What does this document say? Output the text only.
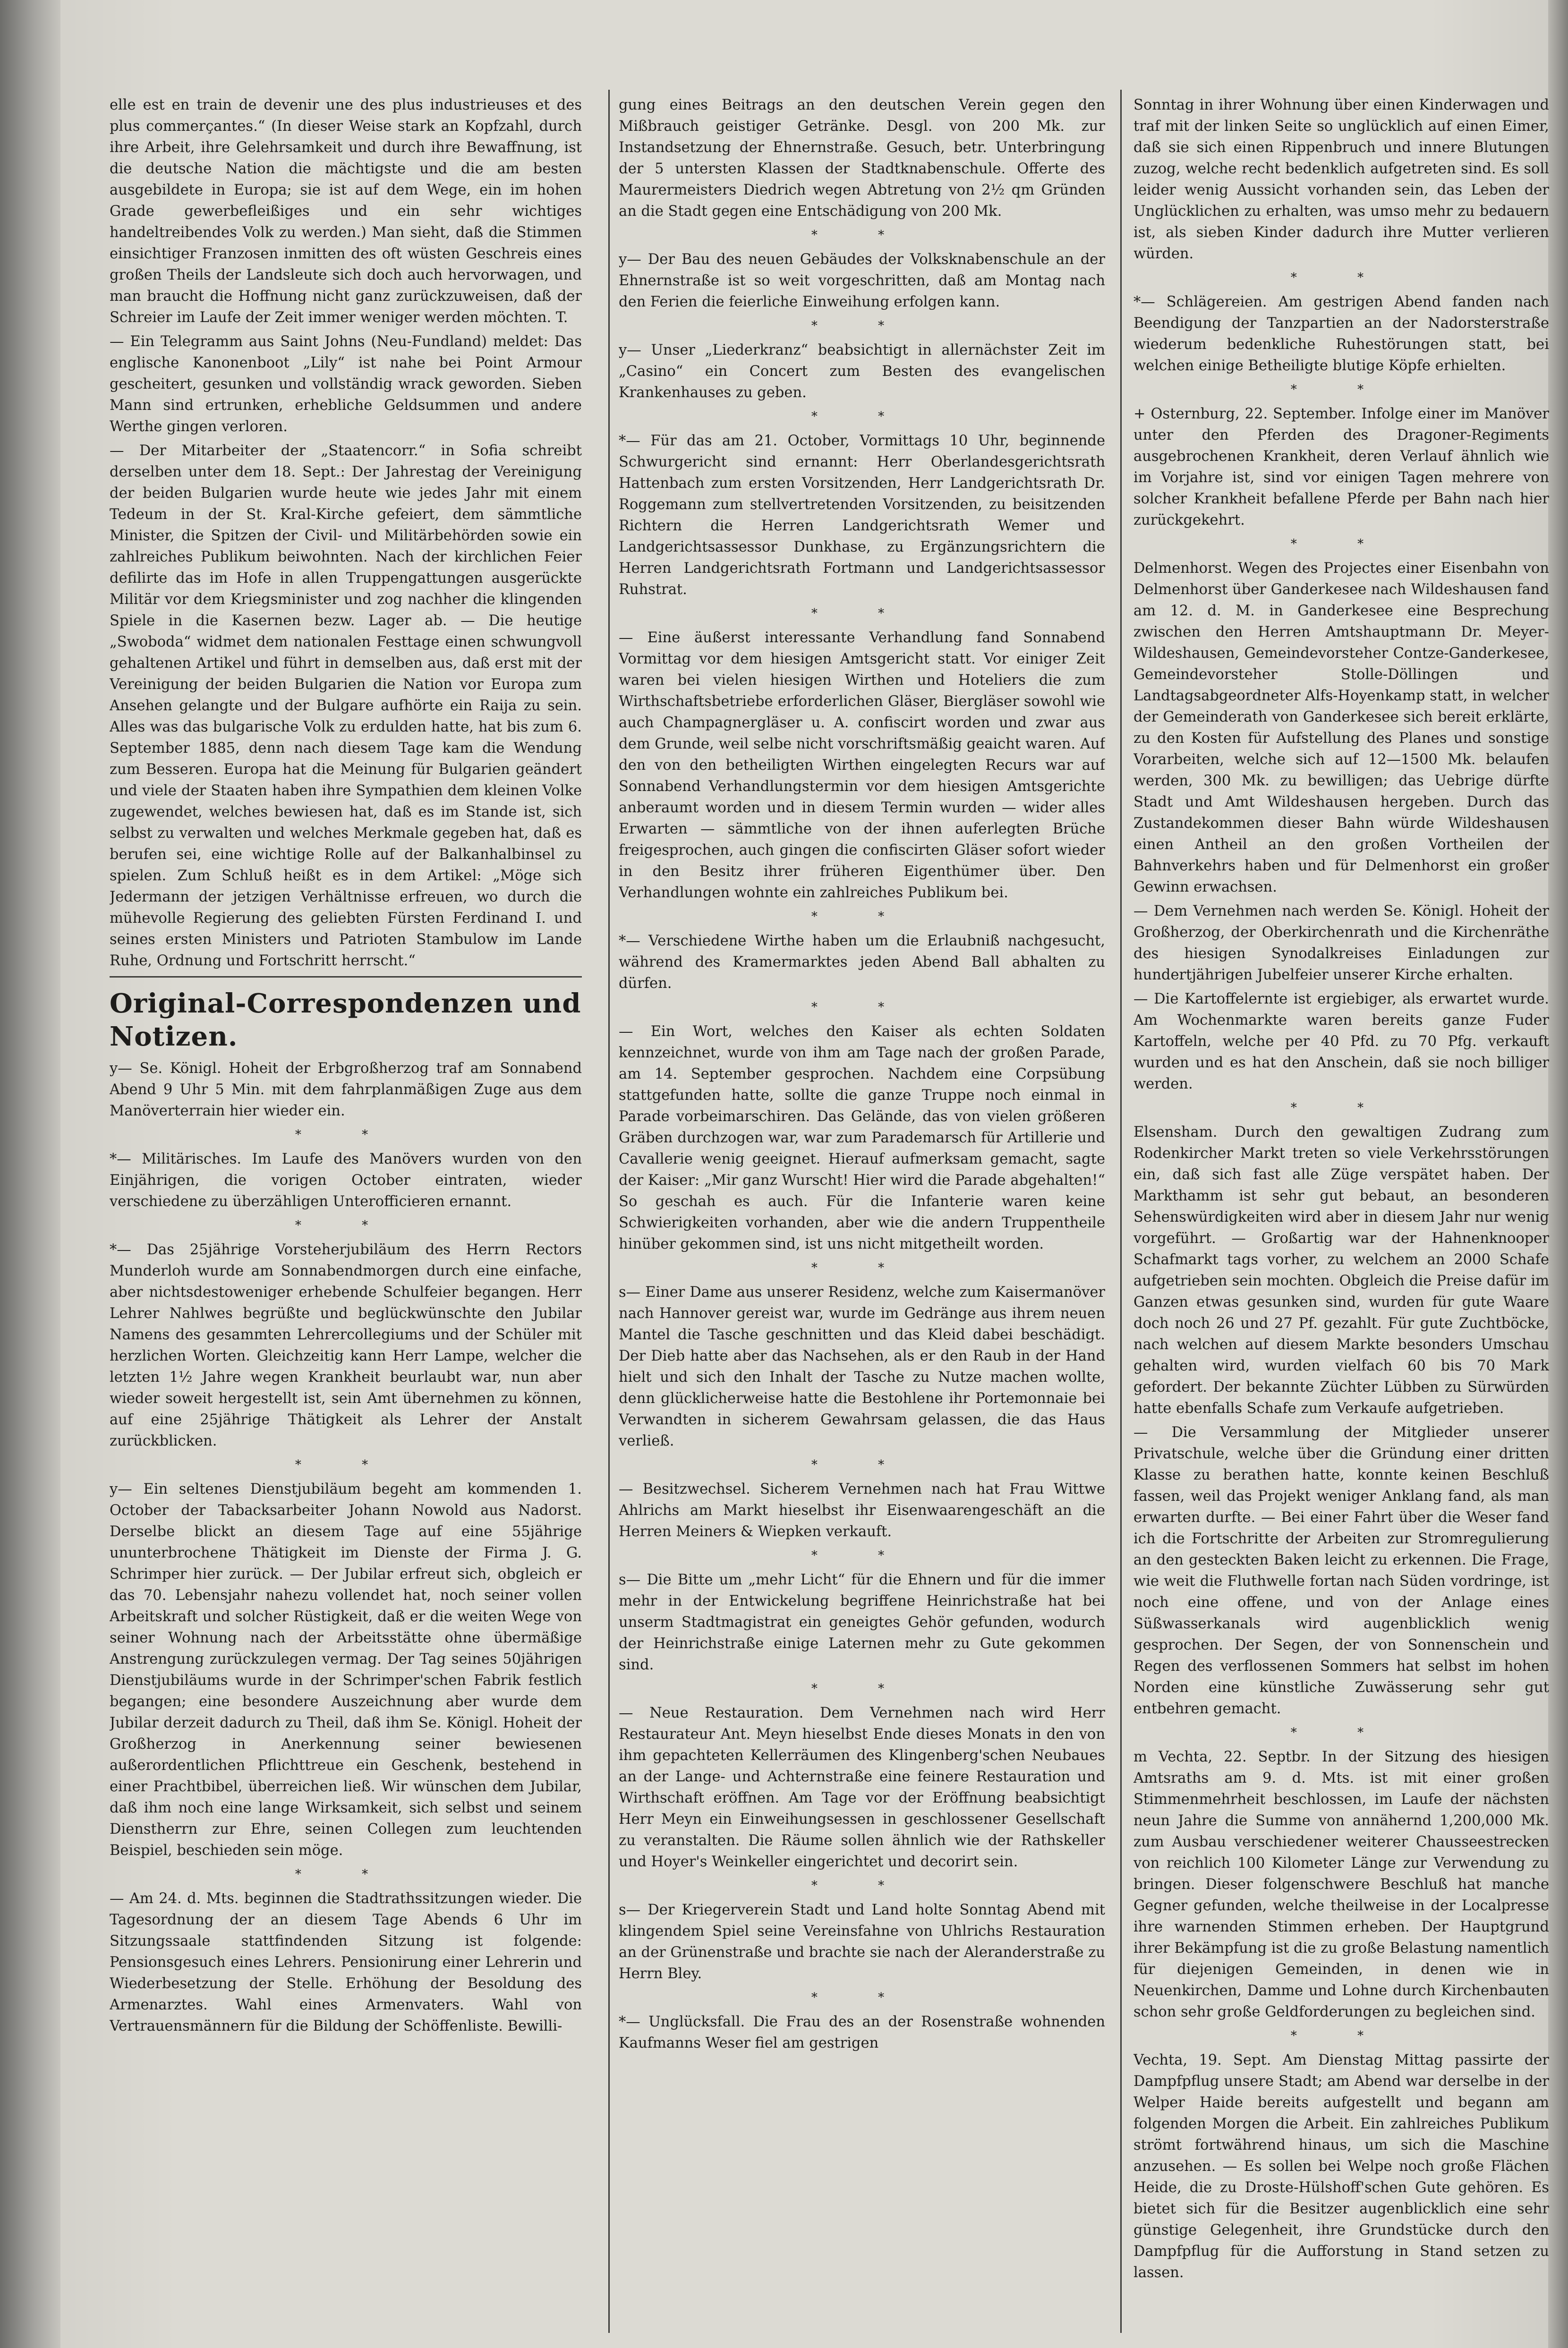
elle est en train de devenir une des plus industrieuses et des plus commerçantes.“ (In dieser Weise stark an Kopfzahl, durch ihre Arbeit, ihre Gelehrsamkeit und durch ihre Bewaffnung, ist die deutsche Nation die mächtigste und die am besten ausgebildete in Europa; sie ist auf dem Wege, ein im hohen Grade gewerbefleißiges und ein sehr wichtiges handeltreibendes Volk zu werden.) Man sieht, daß die Stimmen einsichtiger Franzosen inmitten des oft wüsten Geschreis eines großen Theils der Landsleute sich doch auch hervorwagen, und man braucht die Hoffnung nicht ganz zurückzuweisen, daß der Schreier im Laufe der Zeit immer weniger werden möchten. T.

— Ein Telegramm aus Saint Johns (Neu-Fundland) meldet: Das englische Kanonenboot „Lily“ ist nahe bei Point Armour gescheitert, gesunken und vollständig wrack geworden. Sieben Mann sind ertrunken, erhebliche Geldsummen und andere Werthe gingen verloren.

— Der Mitarbeiter der „Staatencorr.“ in Sofia schreibt derselben unter dem 18. Sept.: Der Jahrestag der Vereinigung der beiden Bulgarien wurde heute wie jedes Jahr mit einem Tedeum in der St. Kral-Kirche gefeiert, dem sämmtliche Minister, die Spitzen der Civil- und Militärbehörden sowie ein zahlreiches Publikum beiwohnten. Nach der kirchlichen Feier defilirte das im Hofe in allen Truppengattungen ausgerückte Militär vor dem Kriegsminister und zog nachher die klingenden Spiele in die Kasernen bezw. Lager ab. — Die heutige „Swoboda“ widmet dem nationalen Festtage einen schwungvoll gehaltenen Artikel und führt in demselben aus, daß erst mit der Vereinigung der beiden Bulgarien die Nation vor Europa zum Ansehen gelangte und der Bulgare aufhörte ein Raija zu sein. Alles was das bulgarische Volk zu erdulden hatte, hat bis zum 6. September 1885, denn nach diesem Tage kam die Wendung zum Besseren. Europa hat die Meinung für Bulgarien geändert und viele der Staaten haben ihre Sympathien dem kleinen Volke zugewendet, welches bewiesen hat, daß es im Stande ist, sich selbst zu verwalten und welches Merkmale gegeben hat, daß es berufen sei, eine wichtige Rolle auf der Balkanhalbinsel zu spielen. Zum Schluß heißt es in dem Artikel: „Möge sich Jedermann der jetzigen Verhältnisse erfreuen, wo durch die mühevolle Regierung des geliebten Fürsten Ferdinand I. und seines ersten Ministers und Patrioten Stambulow im Lande Ruhe, Ordnung und Fortschritt herrscht.“

Original-Correspondenzen und Notizen.

y— Se. Königl. Hoheit der Erbgroßherzog traf am Sonnabend Abend 9 Uhr 5 Min. mit dem fahrplanmäßigen Zuge aus dem Manöverterrain hier wieder ein.

* *

*— Militärisches. Im Laufe des Manövers wurden von den Einjährigen, die vorigen October eintraten, wieder verschiedene zu überzähligen Unterofficieren ernannt.

* *

*— Das 25jährige Vorsteherjubiläum des Herrn Rectors Munderloh wurde am Sonnabendmorgen durch eine einfache, aber nichtsdestoweniger erhebende Schulfeier begangen. Herr Lehrer Nahlwes begrüßte und beglückwünschte den Jubilar Namens des gesammten Lehrercollegiums und der Schüler mit herzlichen Worten. Gleichzeitig kann Herr Lampe, welcher die letzten 1½ Jahre wegen Krankheit beurlaubt war, nun aber wieder soweit hergestellt ist, sein Amt übernehmen zu können, auf eine 25jährige Thätigkeit als Lehrer der Anstalt zurückblicken.

* *

y— Ein seltenes Dienstjubiläum begeht am kommenden 1. October der Tabacksarbeiter Johann Nowold aus Nadorst. Derselbe blickt an diesem Tage auf eine 55jährige ununterbrochene Thätigkeit im Dienste der Firma J. G. Schrimper hier zurück. — Der Jubilar erfreut sich, obgleich er das 70. Lebensjahr nahezu vollendet hat, noch seiner vollen Arbeitskraft und solcher Rüstigkeit, daß er die weiten Wege von seiner Wohnung nach der Arbeitsstätte ohne übermäßige Anstrengung zurückzulegen vermag. Der Tag seines 50jährigen Dienstjubiläums wurde in der Schrimper'schen Fabrik festlich begangen; eine besondere Auszeichnung aber wurde dem Jubilar derzeit dadurch zu Theil, daß ihm Se. Königl. Hoheit der Großherzog in Anerkennung seiner bewiesenen außerordentlichen Pflichttreue ein Geschenk, bestehend in einer Prachtbibel, überreichen ließ. Wir wünschen dem Jubilar, daß ihm noch eine lange Wirksamkeit, sich selbst und seinem Dienstherrn zur Ehre, seinen Collegen zum leuchtenden Beispiel, beschieden sein möge.

* *

— Am 24. d. Mts. beginnen die Stadtrathssitzungen wieder. Die Tagesordnung der an diesem Tage Abends 6 Uhr im Sitzungssaale stattfindenden Sitzung ist folgende: Pensionsgesuch eines Lehrers. Pensionirung einer Lehrerin und Wiederbesetzung der Stelle. Erhöhung der Besoldung des Armenarztes. Wahl eines Armenvaters. Wahl von Vertrauensmännern für die Bildung der Schöffenliste. Bewilli-

gung eines Beitrags an den deutschen Verein gegen den Mißbrauch geistiger Getränke. Desgl. von 200 Mk. zur Instandsetzung der Ehnernstraße. Gesuch, betr. Unterbringung der 5 untersten Klassen der Stadtknabenschule. Offerte des Maurermeisters Diedrich wegen Abtretung von 2½ qm Gründen an die Stadt gegen eine Entschädigung von 200 Mk.

* *

y— Der Bau des neuen Gebäudes der Volksknabenschule an der Ehnernstraße ist so weit vorgeschritten, daß am Montag nach den Ferien die feierliche Einweihung erfolgen kann.

* *

y— Unser „Liederkranz“ beabsichtigt in allernächster Zeit im „Casino“ ein Concert zum Besten des evangelischen Krankenhauses zu geben.

* *

*— Für das am 21. October, Vormittags 10 Uhr, beginnende Schwurgericht sind ernannt: Herr Oberlandesgerichtsrath Hattenbach zum ersten Vorsitzenden, Herr Landgerichtsrath Dr. Roggemann zum stellvertretenden Vorsitzenden, zu beisitzenden Richtern die Herren Landgerichtsrath Wemer und Landgerichtsassessor Dunkhase, zu Ergänzungsrichtern die Herren Landgerichtsrath Fortmann und Landgerichtsassessor Ruhstrat.

* *

— Eine äußerst interessante Verhandlung fand Sonnabend Vormittag vor dem hiesigen Amtsgericht statt. Vor einiger Zeit waren bei vielen hiesigen Wirthen und Hoteliers die zum Wirthschaftsbetriebe erforderlichen Gläser, Biergläser sowohl wie auch Champagnergläser u. A. confiscirt worden und zwar aus dem Grunde, weil selbe nicht vorschriftsmäßig geaicht waren. Auf den von den betheiligten Wirthen eingelegten Recurs war auf Sonnabend Verhandlungstermin vor dem hiesigen Amtsgerichte anberaumt worden und in diesem Termin wurden — wider alles Erwarten — sämmtliche von der ihnen auferlegten Brüche freigesprochen, auch gingen die confiscirten Gläser sofort wieder in den Besitz ihrer früheren Eigenthümer über. Den Verhandlungen wohnte ein zahlreiches Publikum bei.

* *

*— Verschiedene Wirthe haben um die Erlaubniß nachgesucht, während des Kramermarktes jeden Abend Ball abhalten zu dürfen.

* *

— Ein Wort, welches den Kaiser als echten Soldaten kennzeichnet, wurde von ihm am Tage nach der großen Parade, am 14. September gesprochen. Nachdem eine Corpsübung stattgefunden hatte, sollte die ganze Truppe noch einmal in Parade vorbeimarschiren. Das Gelände, das von vielen größeren Gräben durchzogen war, war zum Parademarsch für Artillerie und Cavallerie wenig geeignet. Hierauf aufmerksam gemacht, sagte der Kaiser: „Mir ganz Wurscht! Hier wird die Parade abgehalten!“ So geschah es auch. Für die Infanterie waren keine Schwierigkeiten vorhanden, aber wie die andern Truppentheile hinüber gekommen sind, ist uns nicht mitgetheilt worden.

* *

s— Einer Dame aus unserer Residenz, welche zum Kaisermanöver nach Hannover gereist war, wurde im Gedränge aus ihrem neuen Mantel die Tasche geschnitten und das Kleid dabei beschädigt. Der Dieb hatte aber das Nachsehen, als er den Raub in der Hand hielt und sich den Inhalt der Tasche zu Nutze machen wollte, denn glücklicherweise hatte die Bestohlene ihr Portemonnaie bei Verwandten in sicherem Gewahrsam gelassen, die das Haus verließ.

* *

— Besitzwechsel. Sicherem Vernehmen nach hat Frau Wittwe Ahlrichs am Markt hieselbst ihr Eisenwaarengeschäft an die Herren Meiners & Wiepken verkauft.

* *

s— Die Bitte um „mehr Licht“ für die Ehnern und für die immer mehr in der Entwickelung begriffene Heinrichstraße hat bei unserm Stadtmagistrat ein geneigtes Gehör gefunden, wodurch der Heinrichstraße einige Laternen mehr zu Gute gekommen sind.

* *

— Neue Restauration. Dem Vernehmen nach wird Herr Restaurateur Ant. Meyn hieselbst Ende dieses Monats in den von ihm gepachteten Kellerräumen des Klingenberg'schen Neubaues an der Lange- und Achternstraße eine feinere Restauration und Wirthschaft eröffnen. Am Tage vor der Eröffnung beabsichtigt Herr Meyn ein Einweihungsessen in geschlossener Gesellschaft zu veranstalten. Die Räume sollen ähnlich wie der Rathskeller und Hoyer's Weinkeller eingerichtet und decorirt sein.

* *

s— Der Kriegerverein Stadt und Land holte Sonntag Abend mit klingendem Spiel seine Vereinsfahne von Uhlrichs Restauration an der Grünenstraße und brachte sie nach der Aleranderstraße zu Herrn Bley.

* *

*— Unglücksfall. Die Frau des an der Rosenstraße wohnenden Kaufmanns Weser fiel am gestrigen

Sonntag in ihrer Wohnung über einen Kinderwagen und traf mit der linken Seite so unglücklich auf einen Eimer, daß sie sich einen Rippenbruch und innere Blutungen zuzog, welche recht bedenklich aufgetreten sind. Es soll leider wenig Aussicht vorhanden sein, das Leben der Unglücklichen zu erhalten, was umso mehr zu bedauern ist, als sieben Kinder dadurch ihre Mutter verlieren würden.

* *

*— Schlägereien. Am gestrigen Abend fanden nach Beendigung der Tanzpartien an der Nadorsterstraße wiederum bedenkliche Ruhestörungen statt, bei welchen einige Betheiligte blutige Köpfe erhielten.

* *

+ Osternburg, 22. September. Infolge einer im Manöver unter den Pferden des Dragoner-Regiments ausgebrochenen Krankheit, deren Verlauf ähnlich wie im Vorjahre ist, sind vor einigen Tagen mehrere von solcher Krankheit befallene Pferde per Bahn nach hier zurückgekehrt.

* *

Delmenhorst. Wegen des Projectes einer Eisenbahn von Delmenhorst über Ganderkesee nach Wildeshausen fand am 12. d. M. in Ganderkesee eine Besprechung zwischen den Herren Amtshauptmann Dr. Meyer-Wildeshausen, Gemeindevorsteher Contze-Ganderkesee, Gemeindevorsteher Stolle-Döllingen und Landtagsabgeordneter Alfs-Hoyenkamp statt, in welcher der Gemeinderath von Ganderkesee sich bereit erklärte, zu den Kosten für Aufstellung des Planes und sonstige Vorarbeiten, welche sich auf 12—1500 Mk. belaufen werden, 300 Mk. zu bewilligen; das Uebrige dürfte Stadt und Amt Wildeshausen hergeben. Durch das Zustandekommen dieser Bahn würde Wildeshausen einen Antheil an den großen Vortheilen der Bahnverkehrs haben und für Delmenhorst ein großer Gewinn erwachsen.

— Dem Vernehmen nach werden Se. Königl. Hoheit der Großherzog, der Oberkirchenrath und die Kirchenräthe des hiesigen Synodalkreises Einladungen zur hundertjährigen Jubelfeier unserer Kirche erhalten.

— Die Kartoffelernte ist ergiebiger, als erwartet wurde. Am Wochenmarkte waren bereits ganze Fuder Kartoffeln, welche per 40 Pfd. zu 70 Pfg. verkauft wurden und es hat den Anschein, daß sie noch billiger werden.

* *

Elsensham. Durch den gewaltigen Zudrang zum Rodenkircher Markt treten so viele Verkehrsstörungen ein, daß sich fast alle Züge verspätet haben. Der Markthamm ist sehr gut bebaut, an besonderen Sehenswürdigkeiten wird aber in diesem Jahr nur wenig vorgeführt. — Großartig war der Hahnenknooper Schafmarkt tags vorher, zu welchem an 2000 Schafe aufgetrieben sein mochten. Obgleich die Preise dafür im Ganzen etwas gesunken sind, wurden für gute Waare doch noch 26 und 27 Pf. gezahlt. Für gute Zuchtböcke, nach welchen auf diesem Markte besonders Umschau gehalten wird, wurden vielfach 60 bis 70 Mark gefordert. Der bekannte Züchter Lübben zu Sürwürden hatte ebenfalls Schafe zum Verkaufe aufgetrieben.

— Die Versammlung der Mitglieder unserer Privatschule, welche über die Gründung einer dritten Klasse zu berathen hatte, konnte keinen Beschluß fassen, weil das Projekt weniger Anklang fand, als man erwarten durfte. — Bei einer Fahrt über die Weser fand ich die Fortschritte der Arbeiten zur Stromregulierung an den gesteckten Baken leicht zu erkennen. Die Frage, wie weit die Fluthwelle fortan nach Süden vordringe, ist noch eine offene, und von der Anlage eines Süßwasserkanals wird augenblicklich wenig gesprochen. Der Segen, der von Sonnenschein und Regen des verflossenen Sommers hat selbst im hohen Norden eine künstliche Zuwässerung sehr gut entbehren gemacht.

* *

m Vechta, 22. Septbr. In der Sitzung des hiesigen Amtsraths am 9. d. Mts. ist mit einer großen Stimmenmehrheit beschlossen, im Laufe der nächsten neun Jahre die Summe von annähernd 1,200,000 Mk. zum Ausbau verschiedener weiterer Chausseestrecken von reichlich 100 Kilometer Länge zur Verwendung zu bringen. Dieser folgenschwere Beschluß hat manche Gegner gefunden, welche theilweise in der Localpresse ihre warnenden Stimmen erheben. Der Hauptgrund ihrer Bekämpfung ist die zu große Belastung namentlich für diejenigen Gemeinden, in denen wie in Neuenkirchen, Damme und Lohne durch Kirchenbauten schon sehr große Geldforderungen zu begleichen sind.

* *

Vechta, 19. Sept. Am Dienstag Mittag passirte der Dampfpflug unsere Stadt; am Abend war derselbe in der Welper Haide bereits aufgestellt und begann am folgenden Morgen die Arbeit. Ein zahlreiches Publikum strömt fortwährend hinaus, um sich die Maschine anzusehen. — Es sollen bei Welpe noch große Flächen Heide, die zu Droste-Hülshoff'schen Gute gehören. Es bietet sich für die Besitzer augenblicklich eine sehr günstige Gelegenheit, ihre Grundstücke durch den Dampfpflug für die Aufforstung in Stand setzen zu lassen.
